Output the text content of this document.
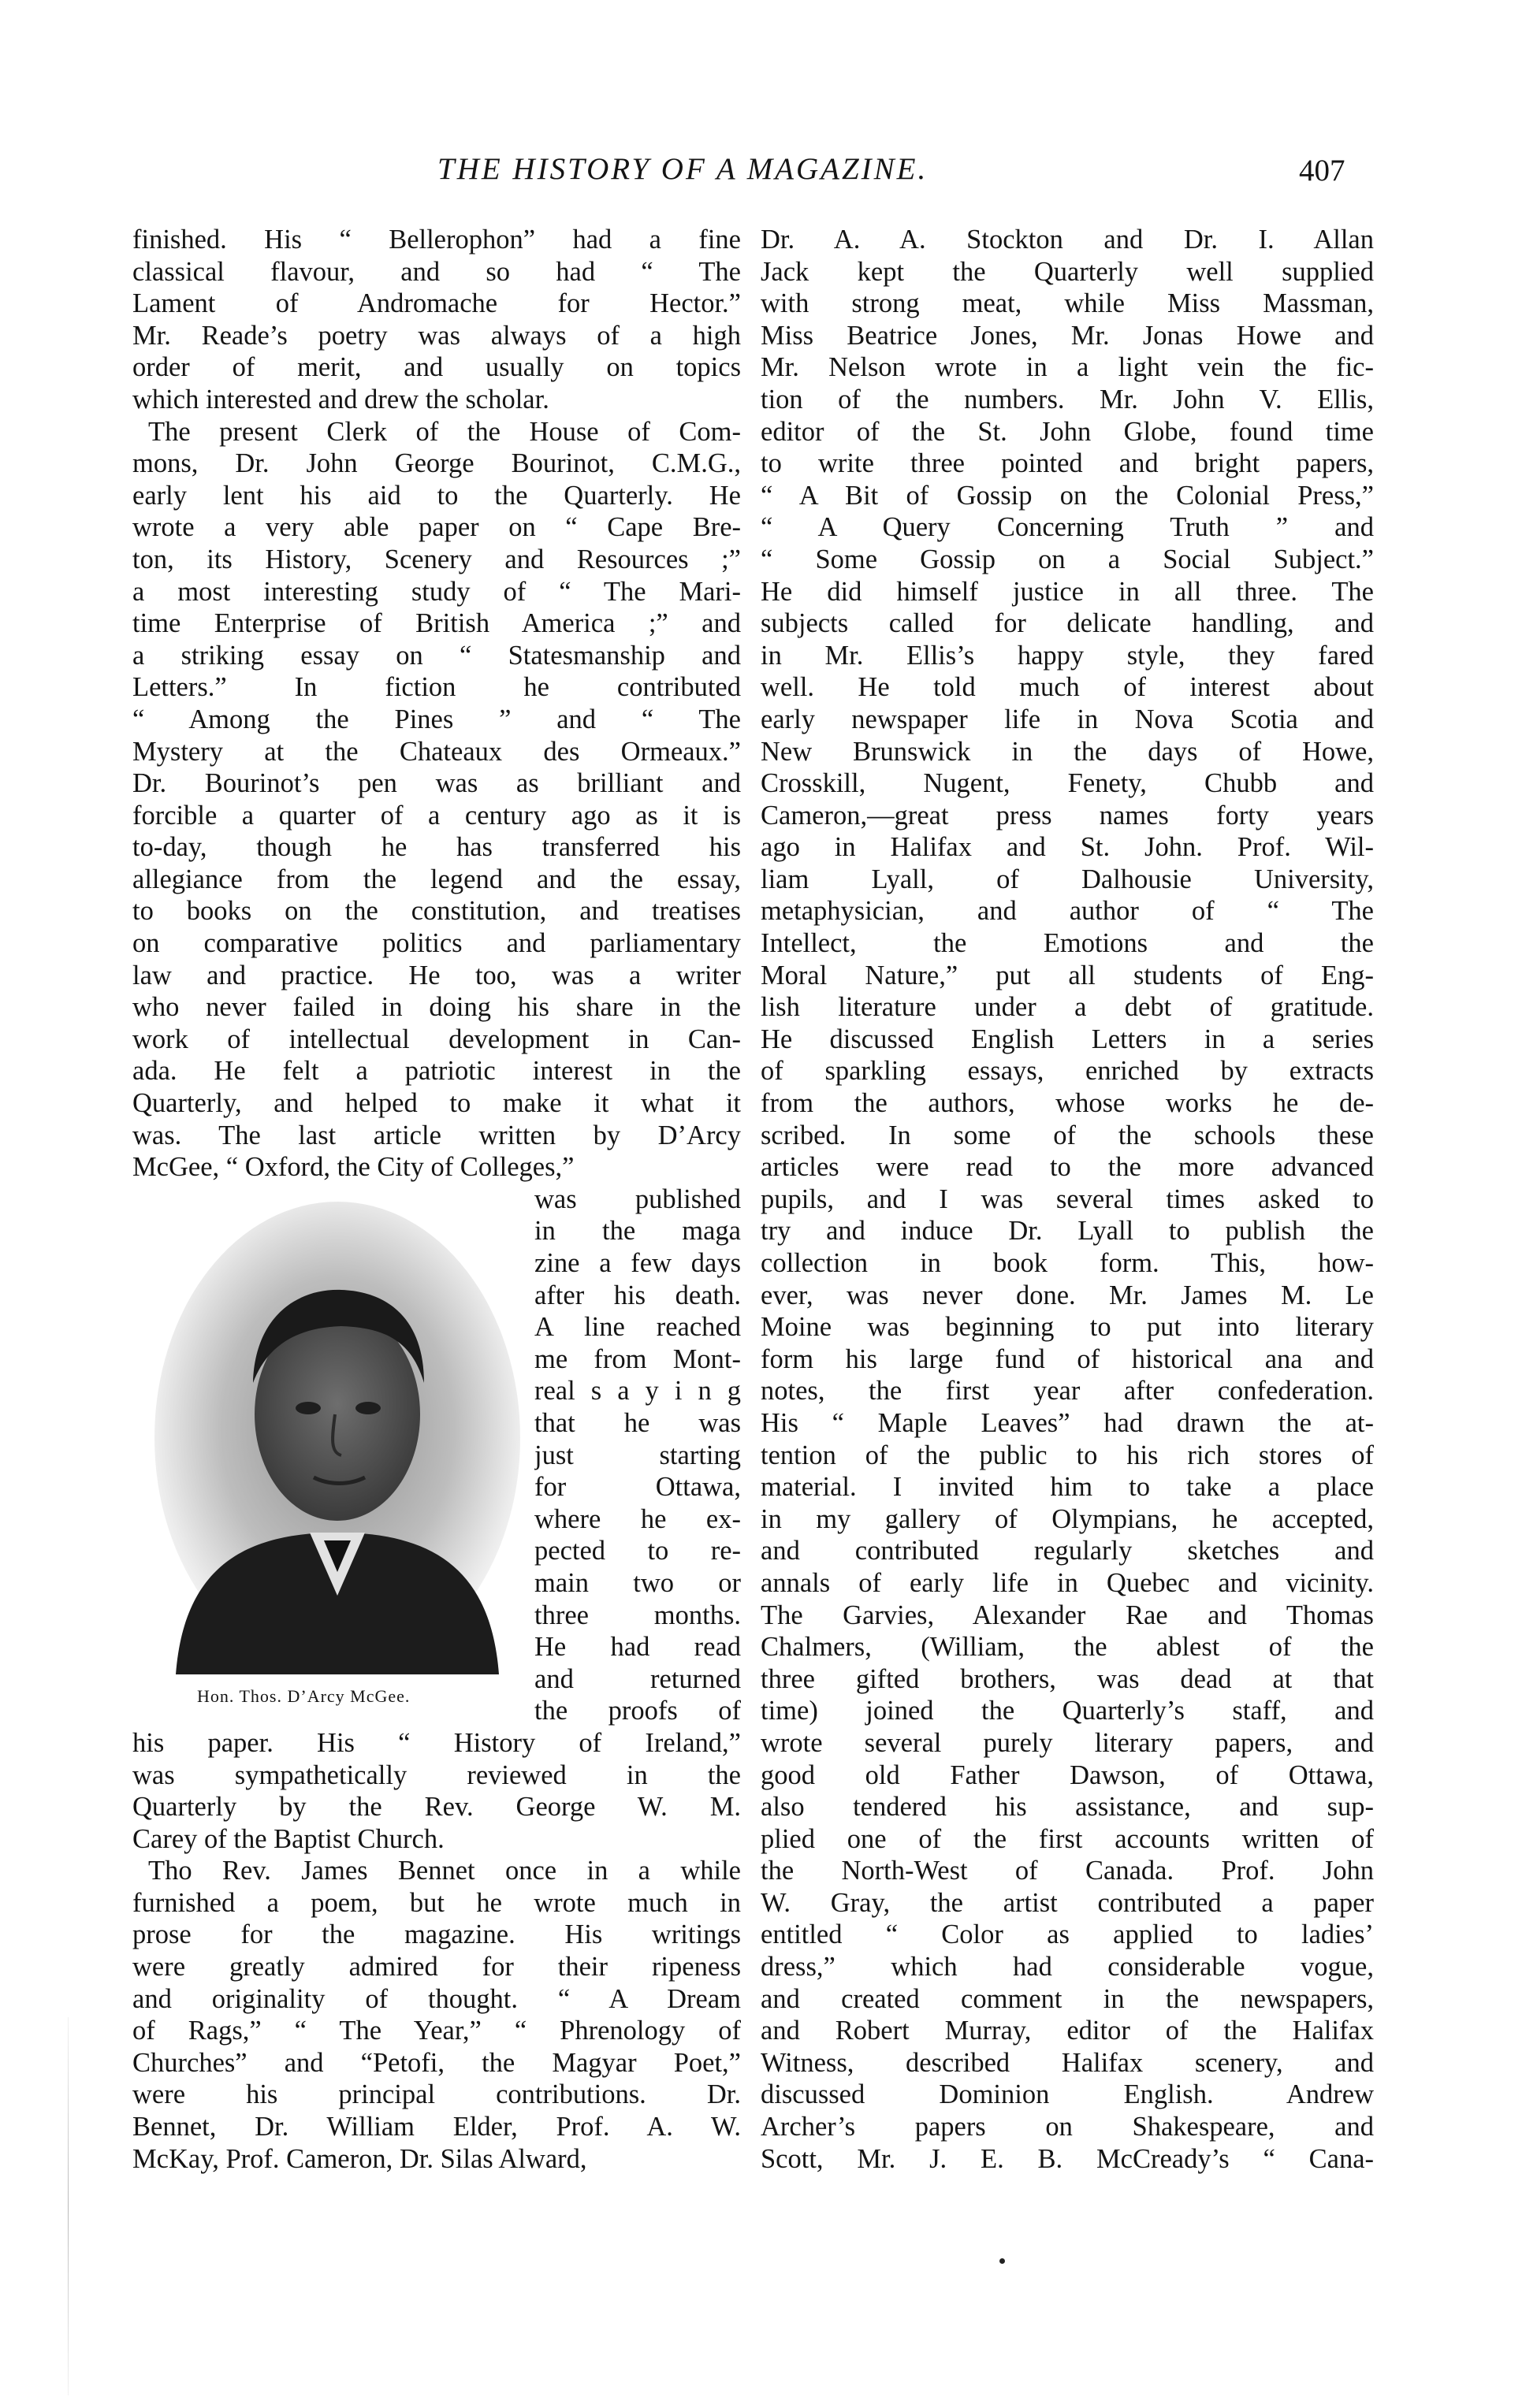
THE HISTORY OF A MAGAZINE.	407
finished. His “ Bellerophon” had a fine
classical flavour, and so had “ The
Lament of Andromache for Hector.”
Mr. Reade’s poetry was always of a high
order of merit, and usually on topics
which interested and drew the scholar.
The present Clerk of the House of Com-
mons, Dr. John George Bourinot, C.M.G.,
early lent his aid to the Quarterly. He
wrote a very able paper on “ Cape Bre-
ton, its History, Scenery and Resources ;”
a most interesting study of “ The Mari-
time Enterprise of British America ;” and
a striking essay on “ Statesmanship and
Letters.” In fiction he contributed
“ Among the Pines ” and “ The
Mystery at the Chateaux des Ormeaux.”
Dr. Bourinot’s pen was as brilliant and
forcible a quarter of a century ago as it is
to-day, though he has transferred his
allegiance from the legend and the essay,
to books on the constitution, and treatises
on comparative politics and parliamentary
law and practice. He too, was a writer
who never failed in doing his share in the
work of intellectual development in Can-
ada. He felt a patriotic interest in the
Quarterly, and helped to make it what it
was. The last article written by D’Arcy
McGee, “ Oxford, the City of Colleges,”
was published
in the maga
zine a few days
after his death.
A line reached
me from Mont-
real s a y i n g
that he was
just starting
for Ottawa,
where he ex-
pected to re-
main two or
three months.
He had read
and returned
the proofs of
his paper. His “ History of Ireland,”
was sympathetically reviewed in the
Quarterly by the Rev. George W. M.
Carey of the Baptist Church.
Tho Rev. James Bennet once in a while
furnished a poem, but he wrote much in
prose for the magazine. His writings
were greatly admired for their ripeness
and originality of thought. “ A Dream
of Rags,” “ The Year,” “ Phrenology of
Churches” and “Petofi, the Magyar Poet,”
were his principal contributions. Dr.
Bennet, Dr. William Elder, Prof. A. W.
McKay, Prof. Cameron, Dr. Silas Alward,
Hon. Thos. D’Arcy McGee.
Dr. A. A. Stockton and Dr. I. Allan
Jack kept the Quarterly well supplied
with strong meat, while Miss Massman,
Miss Beatrice Jones, Mr. Jonas Howe and
Mr. Nelson wrote in a light vein the fic-
tion of the numbers. Mr. John V. Ellis,
editor of the St. John Globe, found time
to write three pointed and bright papers,
“ A Bit of Gossip on the Colonial Press,”
“ A Query Concerning Truth ” and
“ Some Gossip on a Social Subject.”
He did himself justice in all three. The
subjects called for delicate handling, and
in Mr. Ellis’s happy style, they fared
well. He told much of interest about
early newspaper life in Nova Scotia and
New Brunswick in the days of Howe,
Crosskill, Nugent, Fenety, Chubb and
Cameron,—great press names forty years
ago in Halifax and St. John. Prof. Wil-
liam Lyall, of Dalhousie University,
metaphysician, and author of “ The
Intellect, the Emotions and the
Moral Nature,” put all students of Eng-
lish literature under a debt of gratitude.
He discussed English Letters in a series
of sparkling essays, enriched by extracts
from the authors, whose works he de-
scribed. In some of the schools these
articles were read to the more advanced
pupils, and I was several times asked to
try and induce Dr. Lyall to publish the
collection in book form. This, how-
ever, was never done. Mr. James M. Le
Moine was beginning to put into literary
form his large fund of historical ana and
notes, the first year after confederation.
His “ Maple Leaves” had drawn the at-
tention of the public to his rich stores of
material. I invited him to take a place
in my gallery of Olympians, he accepted,
and contributed regularly sketches and
annals of early life in Quebec and vicinity.
The Garvies, Alexander Rae and Thomas
Chalmers, (William, the ablest of the
three gifted brothers, was dead at that
time) joined the Quarterly’s staff, and
wrote several purely literary papers, and
good old Father Dawson, of Ottawa,
also tendered his assistance, and sup-
plied one of the first accounts written of
the North-West of Canada. Prof. John
W. Gray, the artist contributed a paper
entitled “ Color as applied to ladies’
dress,” which had considerable vogue,
and created comment in the newspapers,
and Robert Murray, editor of the Halifax
Witness, described Halifax scenery, and
discussed Dominion English. Andrew
Archer’s papers on Shakespeare, and
Scott, Mr. J. E. B. McCready’s “ Cana-
